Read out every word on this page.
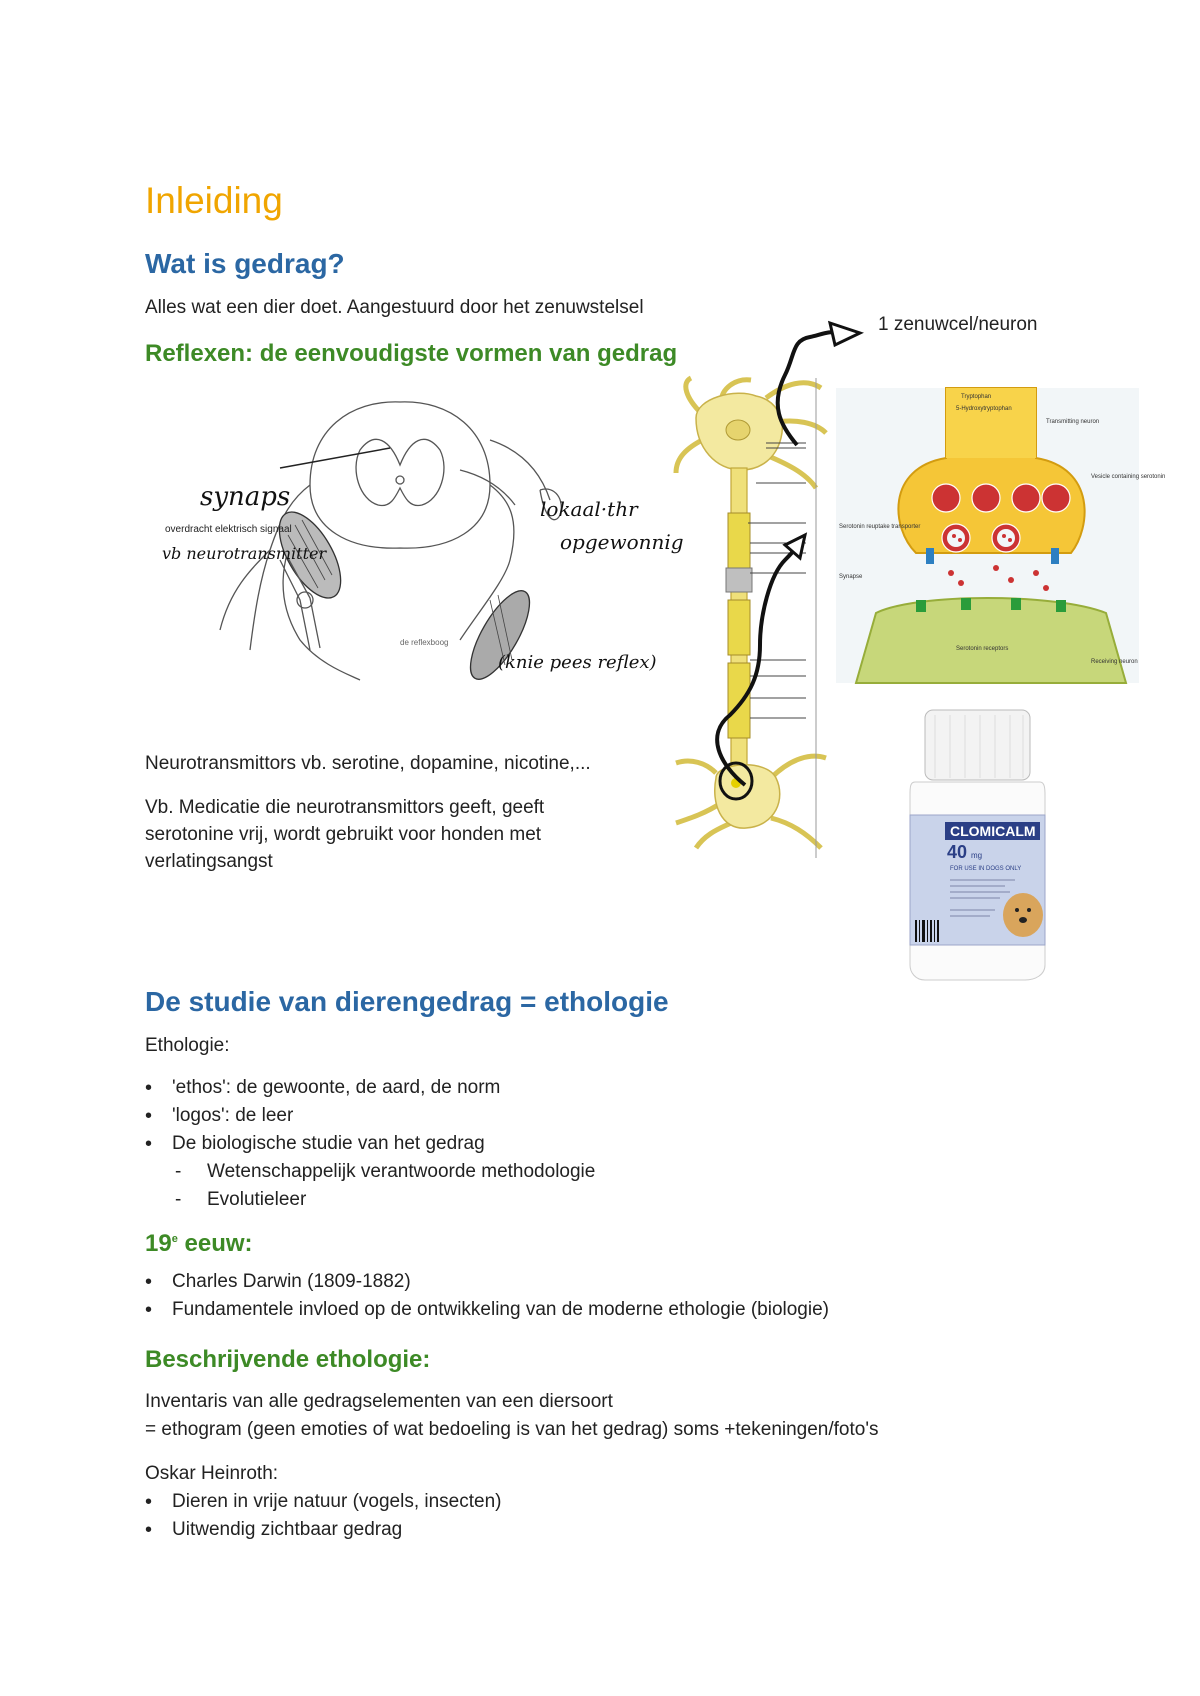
Inleiding
Wat is gedrag?
Alles wat een dier doet. Aangestuurd door het zenuwstelsel
Reflexen: de eenvoudigste vormen van gedrag
1 zenuwcel/neuron
de reflexboog
synaps
overdracht elektrisch signaal
vb neurotransmitter
lokaal·thr
opgewonnig
(knie pees reflex)
Tryptophan
5-Hydroxytryptophan
Transmitting neuron
Vesicle containing serotonin
Serotonin reuptake transporter
Synapse
Serotonin receptors
Receiving neuron
CLOMICALM
40 mg
FOR USE IN DOGS ONLY
Neurotransmittors vb. serotine, dopamine, nicotine,...
Vb. Medicatie die neurotransmittors geeft, geeft serotonine vrij, wordt gebruikt voor honden met verlatingsangst
De studie van dierengedrag = ethologie
Ethologie:
• 'ethos': de gewoonte, de aard, de norm
• 'logos': de leer
• De biologische studie van het gedrag
- Wetenschappelijk verantwoorde methodologie
- Evolutieleer
19e eeuw:
• Charles Darwin (1809-1882)
• Fundamentele invloed op de ontwikkeling van de moderne ethologie (biologie)
Beschrijvende ethologie:
Inventaris van alle gedragselementen van een diersoort
= ethogram (geen emoties of wat bedoeling is van het gedrag) soms +tekeningen/foto's
Oskar Heinroth:
• Dieren in vrije natuur (vogels, insecten)
• Uitwendig zichtbaar gedrag
